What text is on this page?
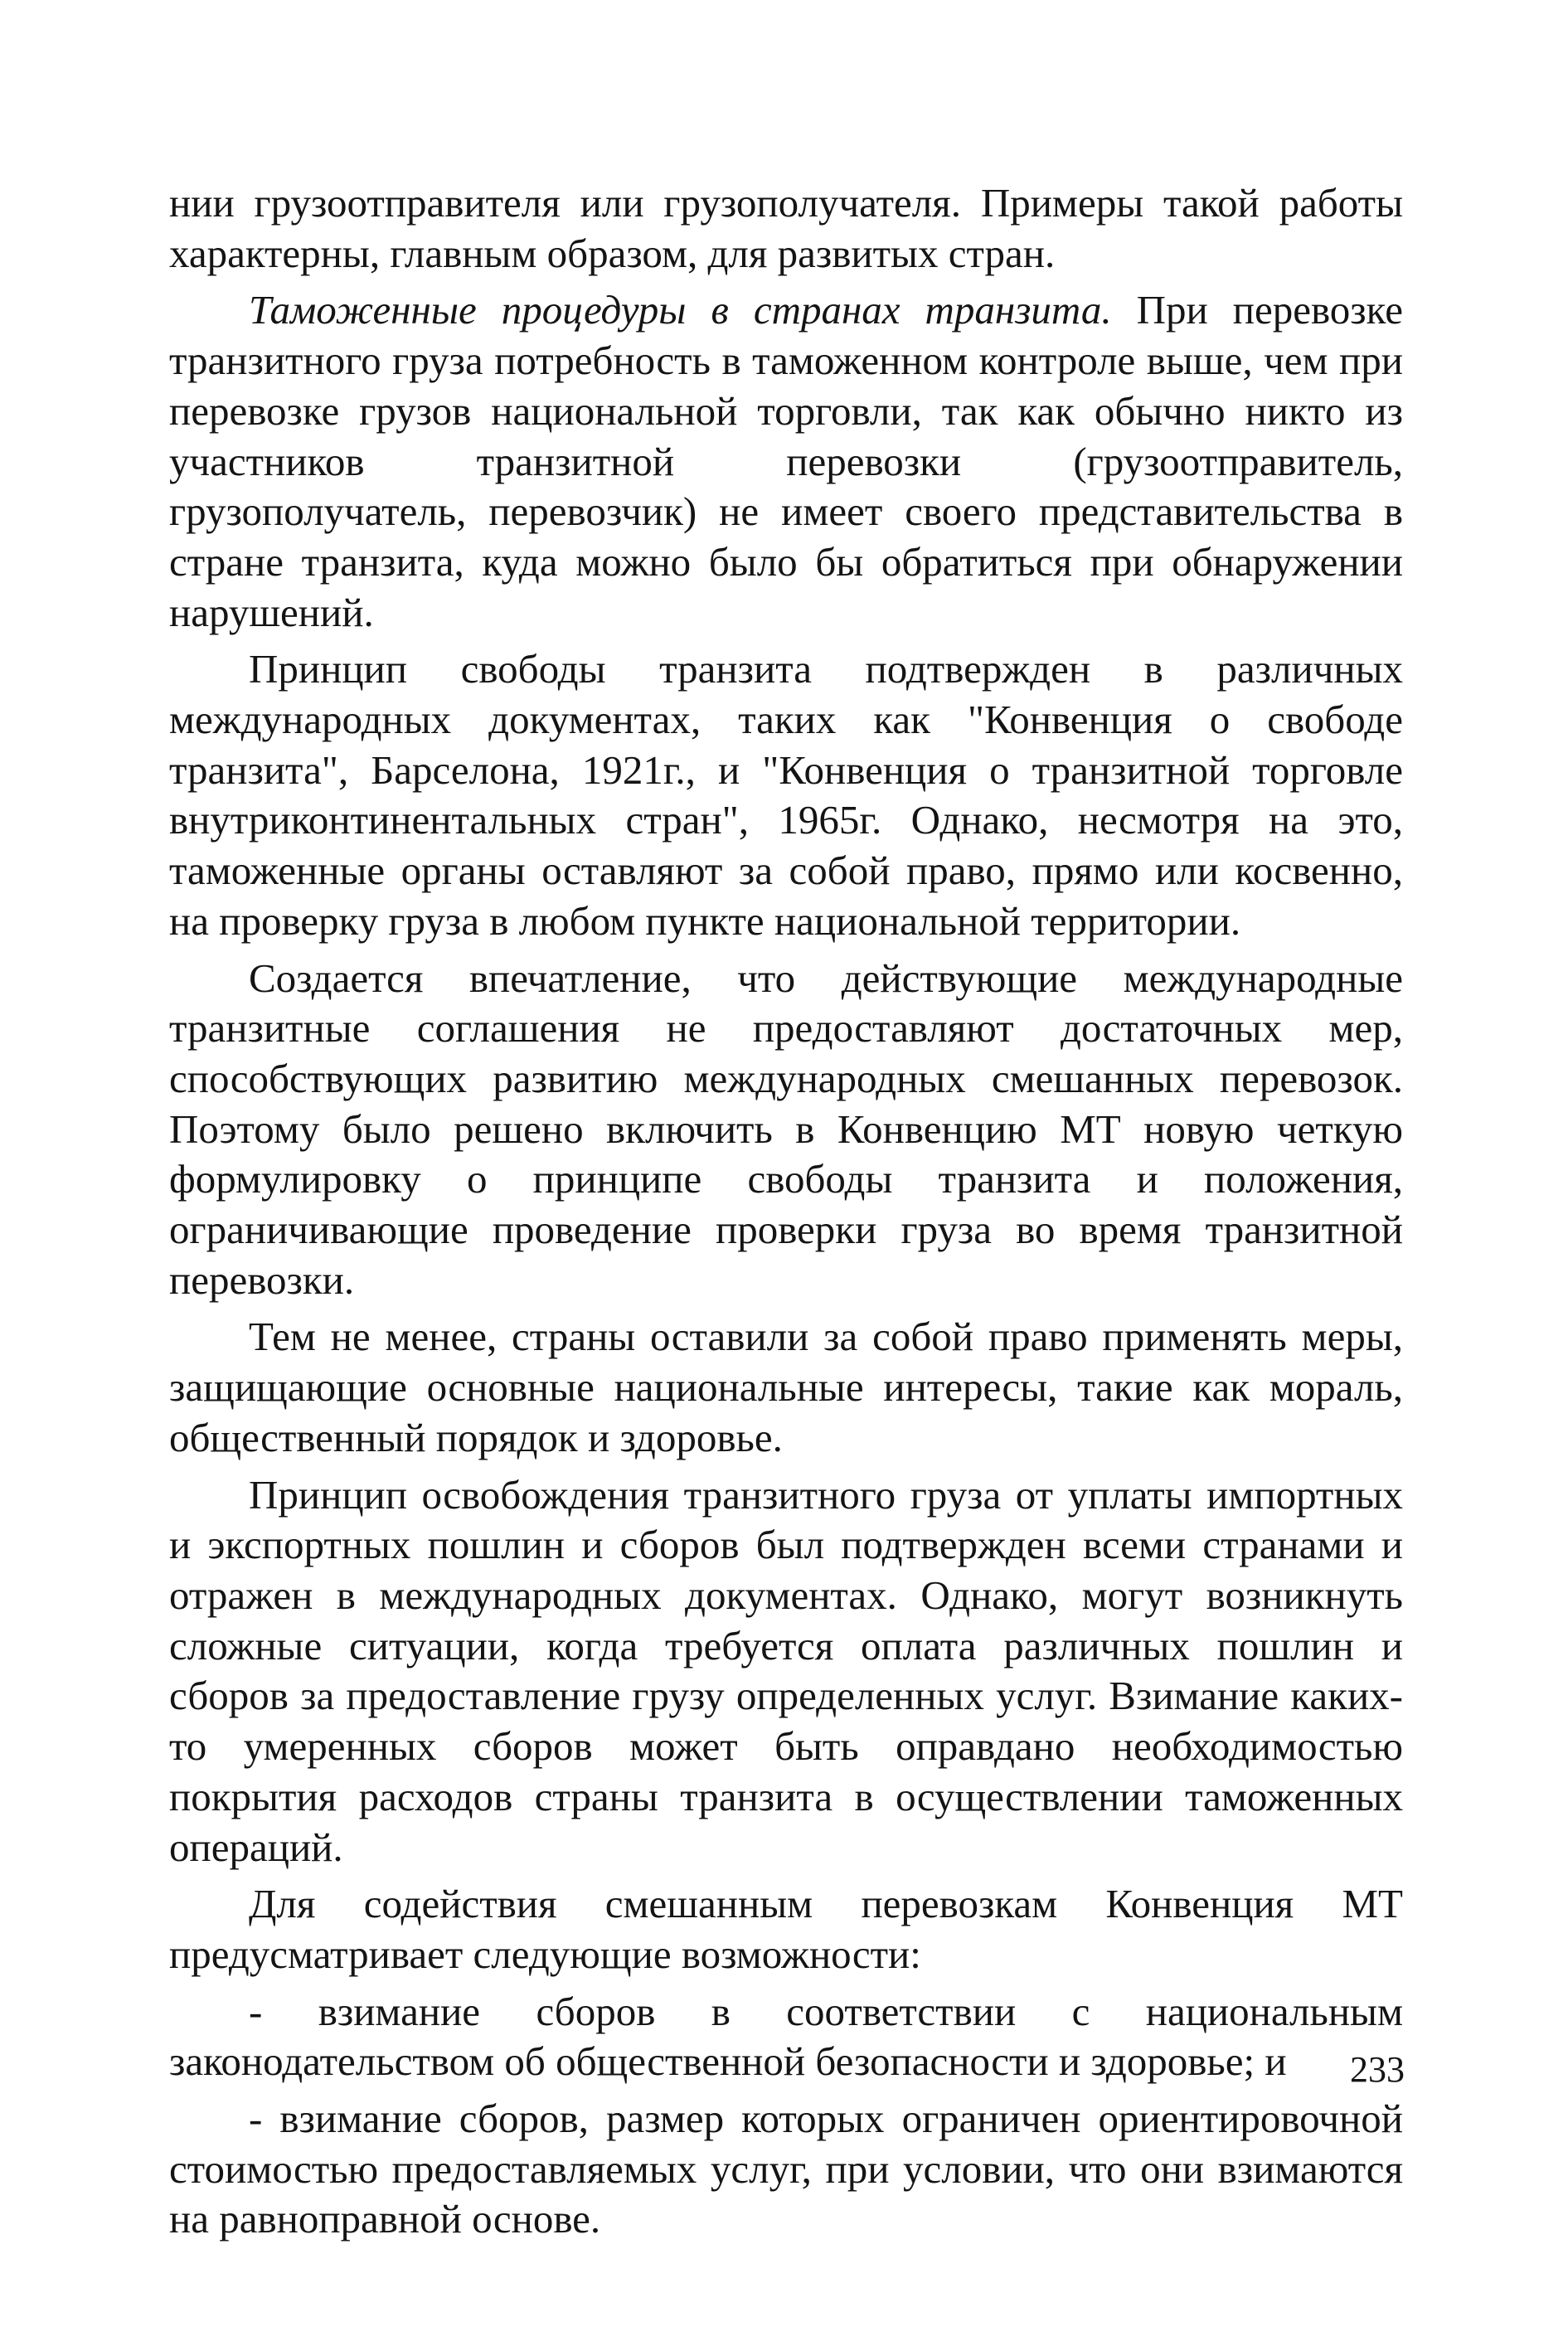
нии грузоотправителя или грузополучателя. Примеры такой работы характерны, главным образом, для развитых стран.

Таможенные процедуры в странах транзита. При перевозке транзитного груза потребность в таможенном контроле выше, чем при перевозке грузов национальной торговли, так как обычно никто из участников транзитной перевозки (грузоотправитель, грузополучатель, перевозчик) не имеет своего представительства в стране транзита, куда можно было бы обратиться при обнаружении нарушений.

Принцип свободы транзита подтвержден в различных международных документах, таких как "Конвенция о свободе транзита", Барселона, 1921г., и "Конвенция о транзитной торговле внутриконтинентальных стран", 1965г. Однако, несмотря на это, таможенные органы оставляют за собой право, прямо или косвенно, на проверку груза в любом пункте национальной территории.

Создается впечатление, что действующие международные транзитные соглашения не предоставляют достаточных мер, способствующих развитию международных смешанных перевозок. Поэтому было решено включить в Конвенцию МТ новую четкую формулировку о принципе свободы транзита и положения, ограничивающие проведение проверки груза во время транзитной перевозки.

Тем не менее, страны оставили за собой право применять меры, защищающие основные национальные интересы, такие как мораль, общественный порядок и здоровье.

Принцип освобождения транзитного груза от уплаты импортных и экспортных пошлин и сборов был подтвержден всеми странами и отражен в международных документах. Однако, могут возникнуть сложные ситуации, когда требуется оплата различных пошлин и сборов за предоставление грузу определенных услуг. Взимание каких-то умеренных сборов может быть оправдано необходимостью покрытия расходов страны транзита в осуществлении таможенных операций.

Для содействия смешанным перевозкам Конвенция МТ предусматривает следующие возможности:

- взимание сборов в соответствии с национальным законодательством об общественной безопасности и здоровье; и

- взимание сборов, размер которых ограничен ориентировочной стоимостью предоставляемых услуг, при условии, что они взимаются на равноправной основе.

233
